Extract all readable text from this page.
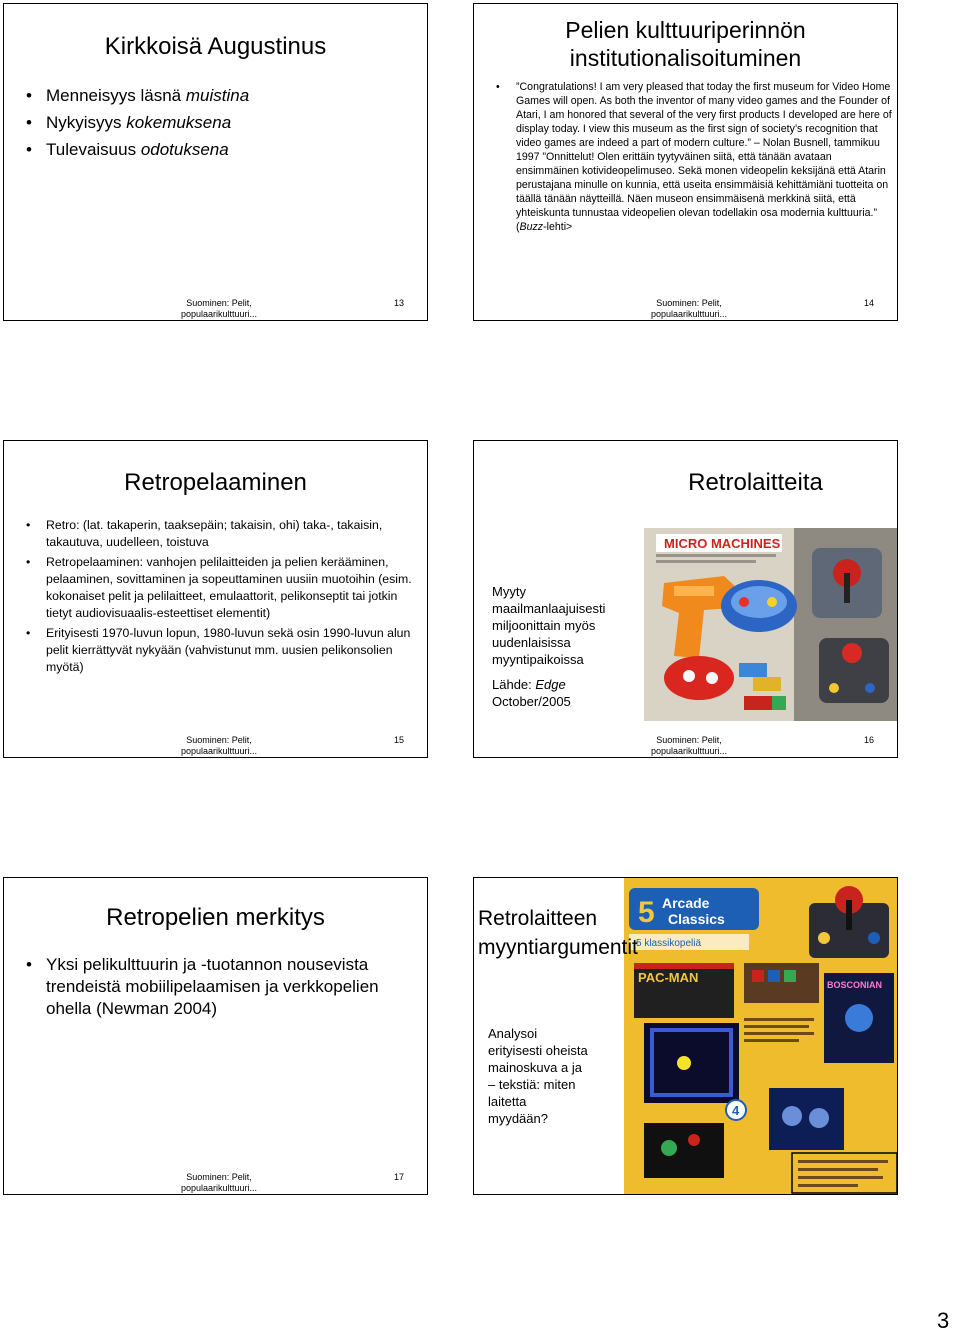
Kirkkoisä Augustinus
• Menneisyys läsnä muistina
• Nykyisyys kokemuksena
• Tulevaisuus odotuksena
Suominen: Pelit,
populaarikulttuuri...
13
Pelien kulttuuriperinnön
institutionalisoituminen
• ”Congratulations! I am very pleased that today the first museum for Video Home Games will open. As both the inventor of many video games and the Founder of Atari, I am honored that several of the very first products I developed are here of display today. I view this museum as the first sign of society’s recognition that video games are indeed a part of modern culture.” – Nolan Busnell, tammikuu 1997 ”Onnittelut! Olen erittäin tyytyväinen siitä, että tänään avataan ensimmäinen kotivideopelimuseo. Sekä monen videopelin keksijänä että Atarin perustajana minulle on kunnia, että useita ensimmäisiä kehittämiäni tuotteita on täällä tänään näytteillä. Näen museon ensimmäisenä merkkinä siitä, että yhteiskunta tunnustaa videopelien olevan todellakin osa modernia kulttuuria.” (Buzz-lehti>
Suominen: Pelit,
populaarikulttuuri...
14
Retropelaaminen
• Retro: (lat. takaperin, taaksepäin; takaisin, ohi) taka-, takaisin, takautuva, uudelleen, toistuva
• Retropelaaminen: vanhojen pelilaitteiden ja pelien kerääminen, pelaaminen, sovittaminen ja sopeuttaminen uusiin muotoihin (esim. kokonaiset pelit ja pelilaitteet, emulaattorit, pelikonseptit tai jotkin tietyt audiovisuaalis-esteettiset elementit)
• Erityisesti 1970-luvun lopun, 1980-luvun sekä osin 1990-luvun alun pelit kierrättyvät nykyään (vahvistunut mm. uusien pelikonsolien myötä)
Suominen: Pelit,
populaarikulttuuri...
15
Retrolaitteita

Myyty maailmanlaajuisesti miljoonittain myös uudenlaisissa myyntipaikoissa

Lähde: Edge
October/2005

MICRO MACHINES
Suominen: Pelit,
populaarikulttuuri...
16
Retropelien merkitys
• Yksi pelikulttuurin ja -tuotannon nousevista trendeistä mobiilipelaamisen ja verkkopelien ohella (Newman 2004)
Suominen: Pelit,
populaarikulttuuri...
17
5 Arcade
Classics
5 klassikopeliä
PAC-MAN	BOSCONIAN
4
Retrolaitteen
myyntiargumentit
Analysoi erityisesti oheista mainoskuva a ja – tekstiä: miten laitetta myydään?
3
